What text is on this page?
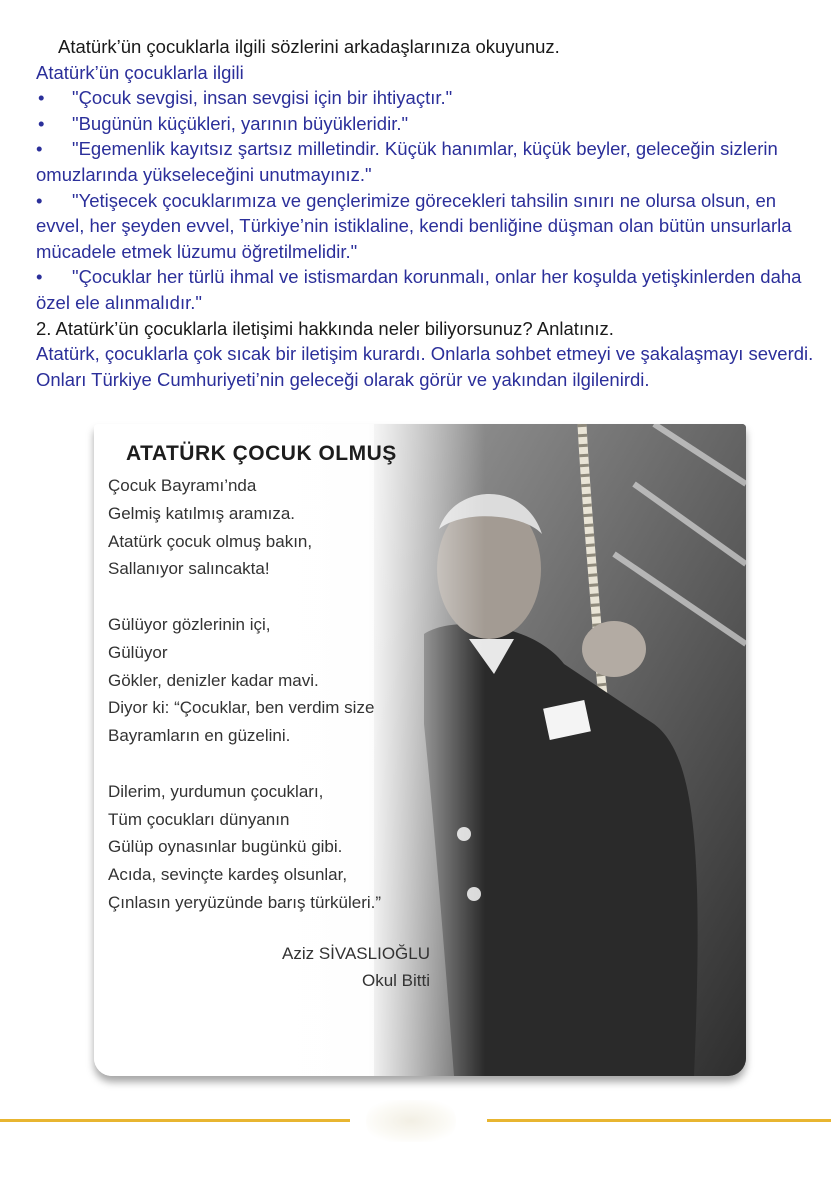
Atatürk’ün çocuklarla ilgili sözlerini arkadaşlarınıza okuyunuz.
Atatürk’ün çocuklarla ilgili
• "Çocuk sevgisi, insan sevgisi için bir ihtiyaçtır."
• "Bugünün küçükleri, yarının büyükleridir."
• "Egemenlik kayıtsız şartsız milletindir. Küçük hanımlar, küçük beyler, geleceğin sizlerin omuzlarında yükseleceğini unutmayınız."
• "Yetişecek çocuklarımıza ve gençlerimize görecekleri tahsilin sınırı ne olursa olsun, en evvel, her şeyden evvel, Türkiye’nin istiklaline, kendi benliğine düşman olan bütün unsurlarla mücadele etmek lüzumu öğretilmelidir."
• "Çocuklar her türlü ihmal ve istismardan korunmalı, onlar her koşulda yetişkinlerden daha özel ele alınmalıdır."
2. Atatürk’ün çocuklarla iletişimi hakkında neler biliyorsunuz? Anlatınız.
Atatürk, çocuklarla çok sıcak bir iletişim kurardı. Onlarla sohbet etmeyi ve şakalaşmayı severdi. Onları Türkiye Cumhuriyeti’nin geleceği olarak görür ve yakından ilgilenirdi.
ATATÜRK ÇOCUK OLMUŞ
Çocuk Bayramı’nda
Gelmiş katılmış aramıza.
Atatürk çocuk olmuş bakın,
Sallanıyor salıncakta!
Gülüyor gözlerinin içi,
Gülüyor
Gökler, denizler kadar mavi.
Diyor ki: “Çocuklar, ben verdim size
Bayramların en güzelini.
Dilerim, yurdumun çocukları,
Tüm çocukları dünyanın
Gülüp oynasınlar bugünkü gibi.
Acıda, sevinçte kardeş olsunlar,
Çınlasın yeryüzünde barış türküleri.”
Aziz SİVASLIOĞLU
Okul Bitti
